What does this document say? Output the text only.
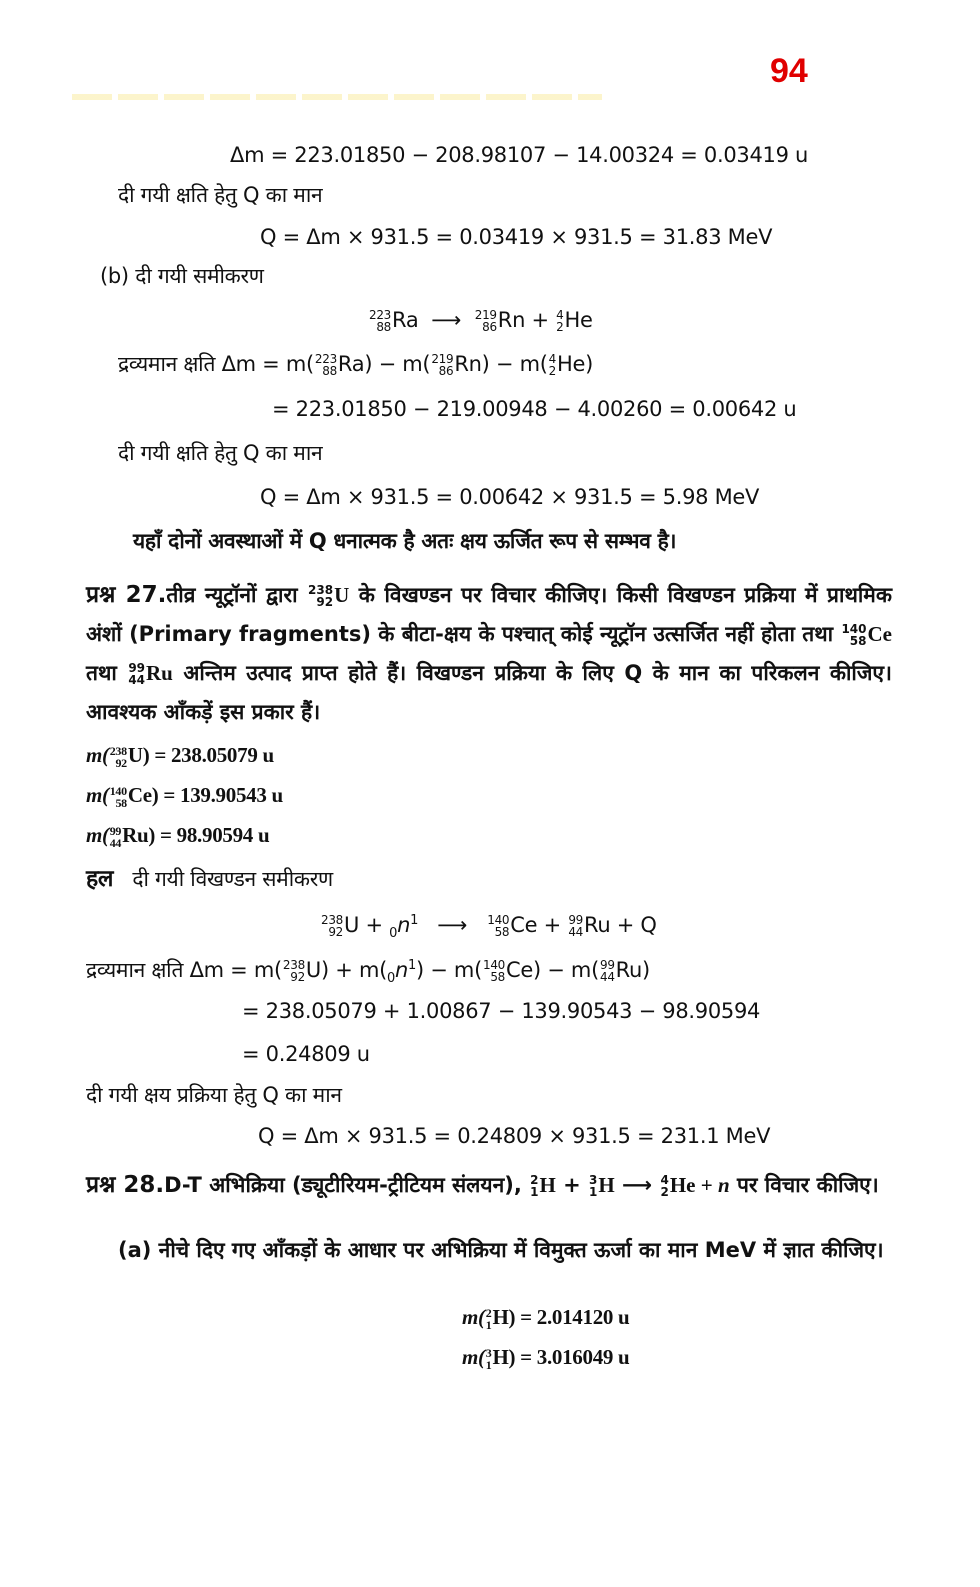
94
Δm = 223.01850 − 208.98107 − 14.00324 = 0.03419 u
दी गयी क्षति हेतु Q का मान
Q = Δm × 931.5 = 0.03419 × 931.5 = 31.83 MeV
(b) दी गयी समीकरण
223
88 Ra ⟶ 219
86 Rn + 4
2 He
द्रव्यमान क्षति Δm = m( 223
88 Ra) − m( 219
86 Rn) − m( 4
2 He)
= 223.01850 − 219.00948 − 4.00260 = 0.00642 u
दी गयी क्षति हेतु Q का मान
Q = Δm × 931.5 = 0.00642 × 931.5 = 5.98 MeV
यहाँ दोनों अवस्थाओं में Q धनात्मक है अतः क्षय ऊर्जित रूप से सम्भव है।
प्रश्न 27.तीव्र न्यूट्रॉनों द्वारा 238
92 U के विखण्डन पर विचार कीजिए। किसी विखण्डन प्रक्रिया में प्राथमिक अंशों (Primary fragments) के बीटा-क्षय के पश्चात् कोई न्यूट्रॉन उत्सर्जित नहीं होता तथा 140
58 Ce तथा 99
44 Ru अन्तिम उत्पाद प्राप्त होते हैं। विखण्डन प्रक्रिया के लिए Q के मान का परिकलन कीजिए। आवश्यक आँकड़ें इस प्रकार हैं।
m( 238
92 U) = 238.05079 u
m( 140
58 Ce) = 139.90543 u
m( 99
44 Ru) = 98.90594 u
हल दी गयी विखण्डन समीकरण
238
92 $U + _0n^1$ ⟶ 140
58 Ce + 99
44 Ru + Q
द्रव्यमान क्षति Δm = m( 238
92 $U) + m(_0n^1) - m$( 140
58 Ce) − m( 99
44 Ru)
= 238.05079 + 1.00867 − 139.90543 − 98.90594
= 0.24809 u
दी गयी क्षय प्रक्रिया हेतु Q का मान
Q = Δm × 931.5 = 0.24809 × 931.5 = 231.1 MeV
प्रश्न 28.D-T अभिक्रिया (ड्यूटीरियम-ट्रीटियम संलयन), 2
1 H + 3
1 H ⟶ 4
2 He + n पर विचार कीजिए।
(a) नीचे दिए गए आँकड़ों के आधार पर अभिक्रिया में विमुक्त ऊर्जा का मान MeV में ज्ञात कीजिए।
m( 2
1 H) = 2.014120 u
m( 3
1 H) = 3.016049 u
